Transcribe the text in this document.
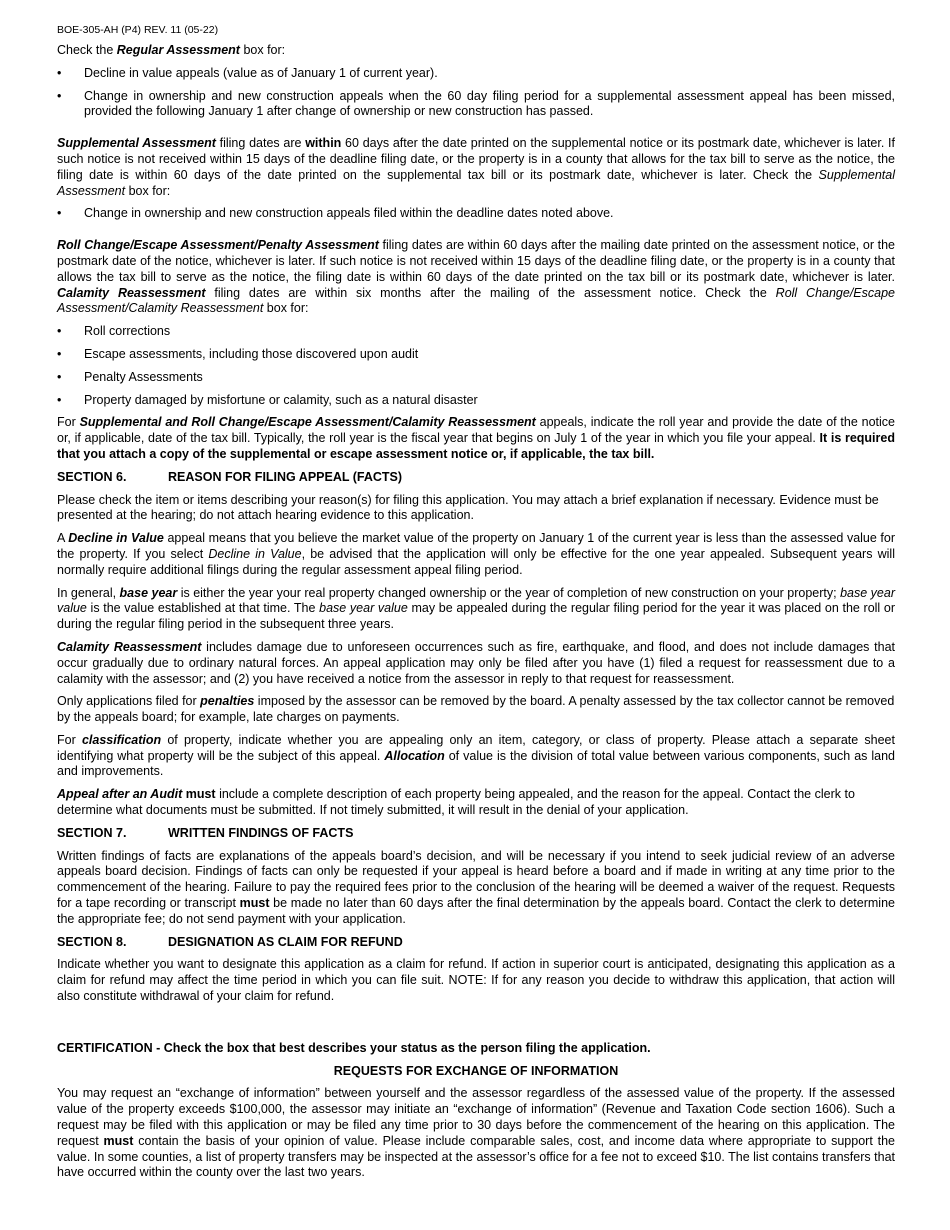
BOE-305-AH (P4) REV. 11 (05-22)

Check the Regular Assessment box for:

• Decline in value appeals (value as of January 1 of current year).
• Change in ownership and new construction appeals when the 60 day filing period for a supplemental assessment appeal has been missed, provided the following January 1 after change of ownership or new construction has passed.

Supplemental Assessment filing dates are within 60 days after the date printed on the supplemental notice or its postmark date, whichever is later. If such notice is not received within 15 days of the deadline filing date, or the property is in a county that allows for the tax bill to serve as the notice, the filing date is within 60 days of the date printed on the supplemental tax bill or its postmark date, whichever is later. Check the Supplemental Assessment box for:

• Change in ownership and new construction appeals filed within the deadline dates noted above.

Roll Change/Escape Assessment/Penalty Assessment filing dates are within 60 days after the mailing date printed on the assessment notice, or the postmark date of the notice, whichever is later. If such notice is not received within 15 days of the deadline filing date, or the property is in a county that allows the tax bill to serve as the notice, the filing date is within 60 days of the date printed on the tax bill or its postmark date, whichever is later. Calamity Reassessment filing dates are within six months after the mailing of the assessment notice. Check the Roll Change/Escape Assessment/Calamity Reassessment box for:

• Roll corrections
• Escape assessments, including those discovered upon audit
• Penalty Assessments
• Property damaged by misfortune or calamity, such as a natural disaster

For Supplemental and Roll Change/Escape Assessment/Calamity Reassessment appeals, indicate the roll year and provide the date of the notice or, if applicable, date of the tax bill. Typically, the roll year is the fiscal year that begins on July 1 of the year in which you file your appeal. It is required that you attach a copy of the supplemental or escape assessment notice or, if applicable, the tax bill.

SECTION 6.	REASON FOR FILING APPEAL (FACTS)

Please check the item or items describing your reason(s) for filing this application. You may attach a brief explanation if necessary. Evidence must be presented at the hearing; do not attach hearing evidence to this application.

A Decline in Value appeal means that you believe the market value of the property on January 1 of the current year is less than the assessed value for the property. If you select Decline in Value, be advised that the application will only be effective for the one year appealed. Subsequent years will normally require additional filings during the regular assessment appeal filing period.

In general, base year is either the year your real property changed ownership or the year of completion of new construction on your property; base year value is the value established at that time. The base year value may be appealed during the regular filing period for the year it was placed on the roll or during the regular filing period in the subsequent three years.

Calamity Reassessment includes damage due to unforeseen occurrences such as fire, earthquake, and flood, and does not include damages that occur gradually due to ordinary natural forces. An appeal application may only be filed after you have (1) filed a request for reassessment due to a calamity with the assessor; and (2) you have received a notice from the assessor in reply to that request for reassessment.

Only applications filed for penalties imposed by the assessor can be removed by the board. A penalty assessed by the tax collector cannot be removed by the appeals board; for example, late charges on payments.

For classification of property, indicate whether you are appealing only an item, category, or class of property. Please attach a separate sheet identifying what property will be the subject of this appeal. Allocation of value is the division of total value between various components, such as land and improvements.

Appeal after an Audit must include a complete description of each property being appealed, and the reason for the appeal. Contact the clerk to determine what documents must be submitted. If not timely submitted, it will result in the denial of your application.

SECTION 7.	WRITTEN FINDINGS OF FACTS

Written findings of facts are explanations of the appeals board’s decision, and will be necessary if you intend to seek judicial review of an adverse appeals board decision. Findings of facts can only be requested if your appeal is heard before a board and if made in writing at any time prior to the commencement of the hearing. Failure to pay the required fees prior to the conclusion of the hearing will be deemed a waiver of the request. Requests for a tape recording or transcript must be made no later than 60 days after the final determination by the appeals board. Contact the clerk to determine the appropriate fee; do not send payment with your application.

SECTION 8.	DESIGNATION AS CLAIM FOR REFUND

Indicate whether you want to designate this application as a claim for refund. If action in superior court is anticipated, designating this application as a claim for refund may affect the time period in which you can file suit. NOTE: If for any reason you decide to withdraw this application, that action will also constitute withdrawal of your claim for refund.

CERTIFICATION - Check the box that best describes your status as the person filing the application.

REQUESTS FOR EXCHANGE OF INFORMATION

You may request an “exchange of information” between yourself and the assessor regardless of the assessed value of the property. If the assessed value of the property exceeds $100,000, the assessor may initiate an “exchange of information” (Revenue and Taxation Code section 1606). Such a request may be filed with this application or may be filed any time prior to 30 days before the commencement of the hearing on this application. The request must contain the basis of your opinion of value. Please include comparable sales, cost, and income data where appropriate to support the value. In some counties, a list of property transfers may be inspected at the assessor’s office for a fee not to exceed $10. The list contains transfers that have occurred within the county over the last two years.
